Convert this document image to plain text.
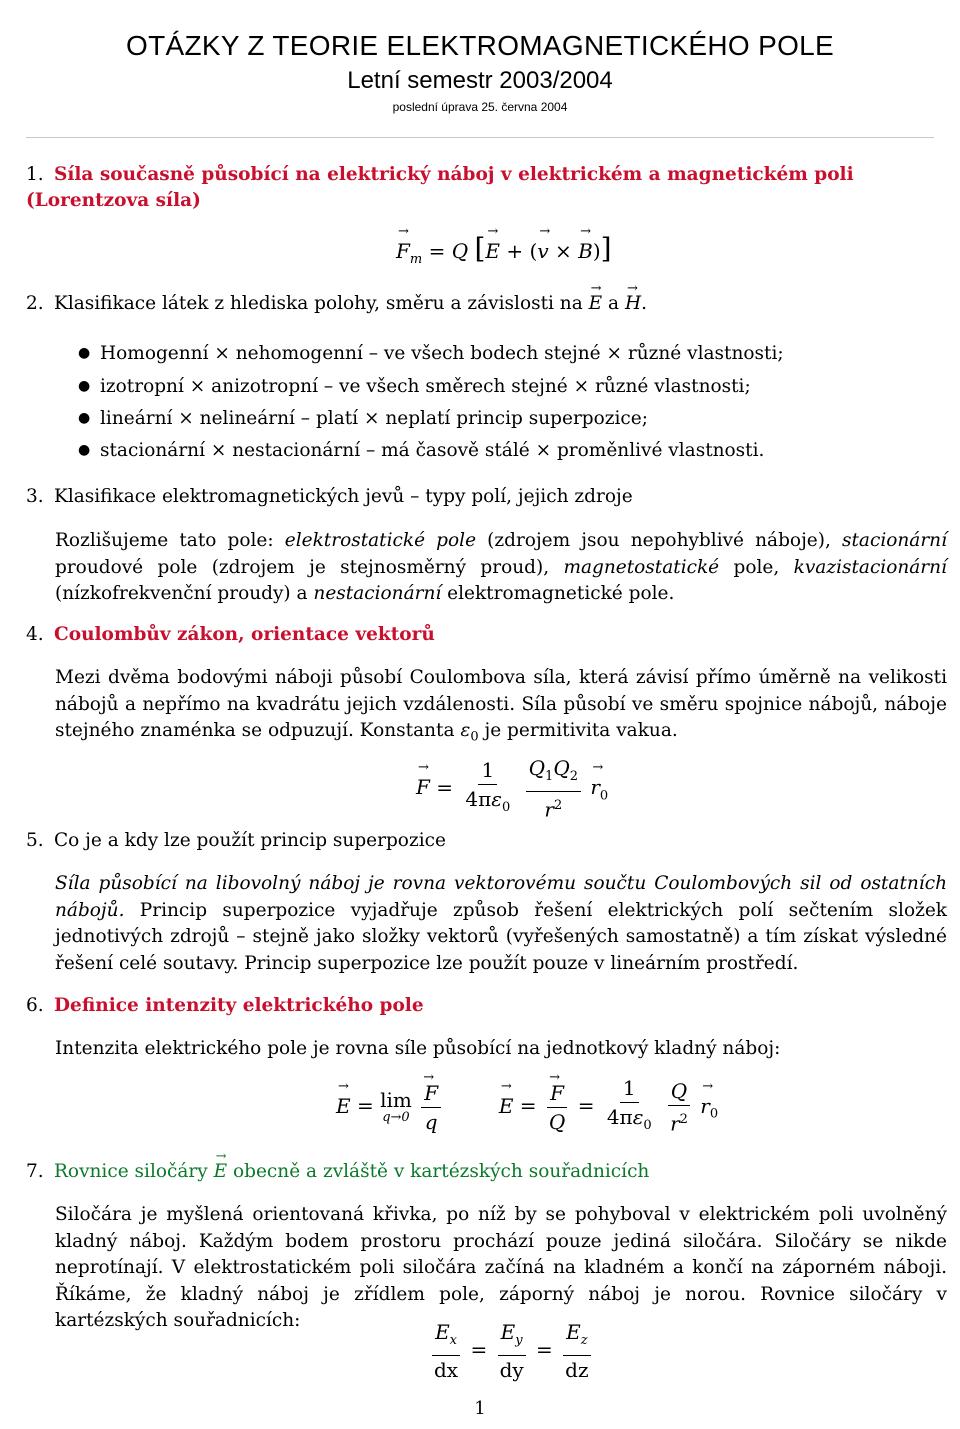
OTÁZKY Z TEORIE ELEKTROMAGNETICKÉHO POLE
Letní semestr 2003/2004
poslední úprava 25. června 2004
1. Síla současně působící na elektrický náboj v elektrickém a magnetickém poli (Lorentzova síla)
→ $F_m = Q$ [→ E + (→ v × → B)]
2. Klasifikace látek z hlediska polohy, směru a závislosti na → E a → H.
● Homogenní × nehomogenní – ve všech bodech stejné × různé vlastnosti;
● izotropní × anizotropní – ve všech směrech stejné × různé vlastnosti;
● lineární × nelineární – platí × neplatí princip superpozice;
● stacionární × nestacionární – má časově stálé × proměnlivé vlastnosti.
3. Klasifikace elektromagnetických jevů – typy polí, jejich zdroje
Rozlišujeme tato pole: elektrostatické pole (zdrojem jsou nepohyblivé náboje), stacionární proudové pole (zdrojem je stejnosměrný proud), magnetostatické pole, kvazistacionární (nízkofrekvenční proudy) a nestacionární elektromagnetické pole.
4. Coulombův zákon, orientace vektorů
Mezi dvěma bodovými náboji působí Coulombova síla, která závisí přímo úměrně na velikosti nábojů a nepřímo na kvadrátu jejich vzdálenosti. Síla působí ve směru spojnice nábojů, náboje stejného znaménka se odpuzují. Konstanta $\varepsilon_0$ je permitivita vakua.
→ $F = \frac{1}{4\pi\varepsilon_0}$
$\frac{Q_1Q_2}{r^2}$
→ $r_0$
5. Co je a kdy lze použít princip superpozice
Síla působící na libovolný náboj je rovna vektorovému součtu Coulombových sil od ostatních nábojů. Princip superpozice vyjadřuje způsob řešení elektrických polí sečtením složek jednotivých zdrojů – stejně jako složky vektorů (vyřešených samostatně) a tím získat výsledné řešení celé soutavy. Princip superpozice lze použít pouze v lineárním prostředí.
6. Definice intenzity elektrického pole
Intenzita elektrického pole je rovna síle působící na jednotkový kladný náboj:
→ E = lim
q→0

→ $\frac{F}{q}$
→	E =
→ $\frac{F}{Q} = \frac{1}{4\pi\varepsilon_0}$
$\frac{Q}{r^2}$
→ $r_0$
7. Rovnice siločáry → E obecně a zvláště v kartézských souřadnicích
Siločára je myšlená orientovaná křivka, po níž by se pohyboval v elektrickém poli uvolněný kladný náboj. Každým bodem prostoru prochází pouze jediná siločára. Siločáry se nikde neprotínají. V elektrostatickém poli siločára začíná na kladném a končí na záporném náboji. Říkáme, že kladný náboj je zřídlem pole, záporný náboj je norou. Rovnice siločáry v kartézských souřadnicích:	$\frac{E_x}{dx} = \frac{E_y}{dy} = \frac{E_z}{dz}$
1
